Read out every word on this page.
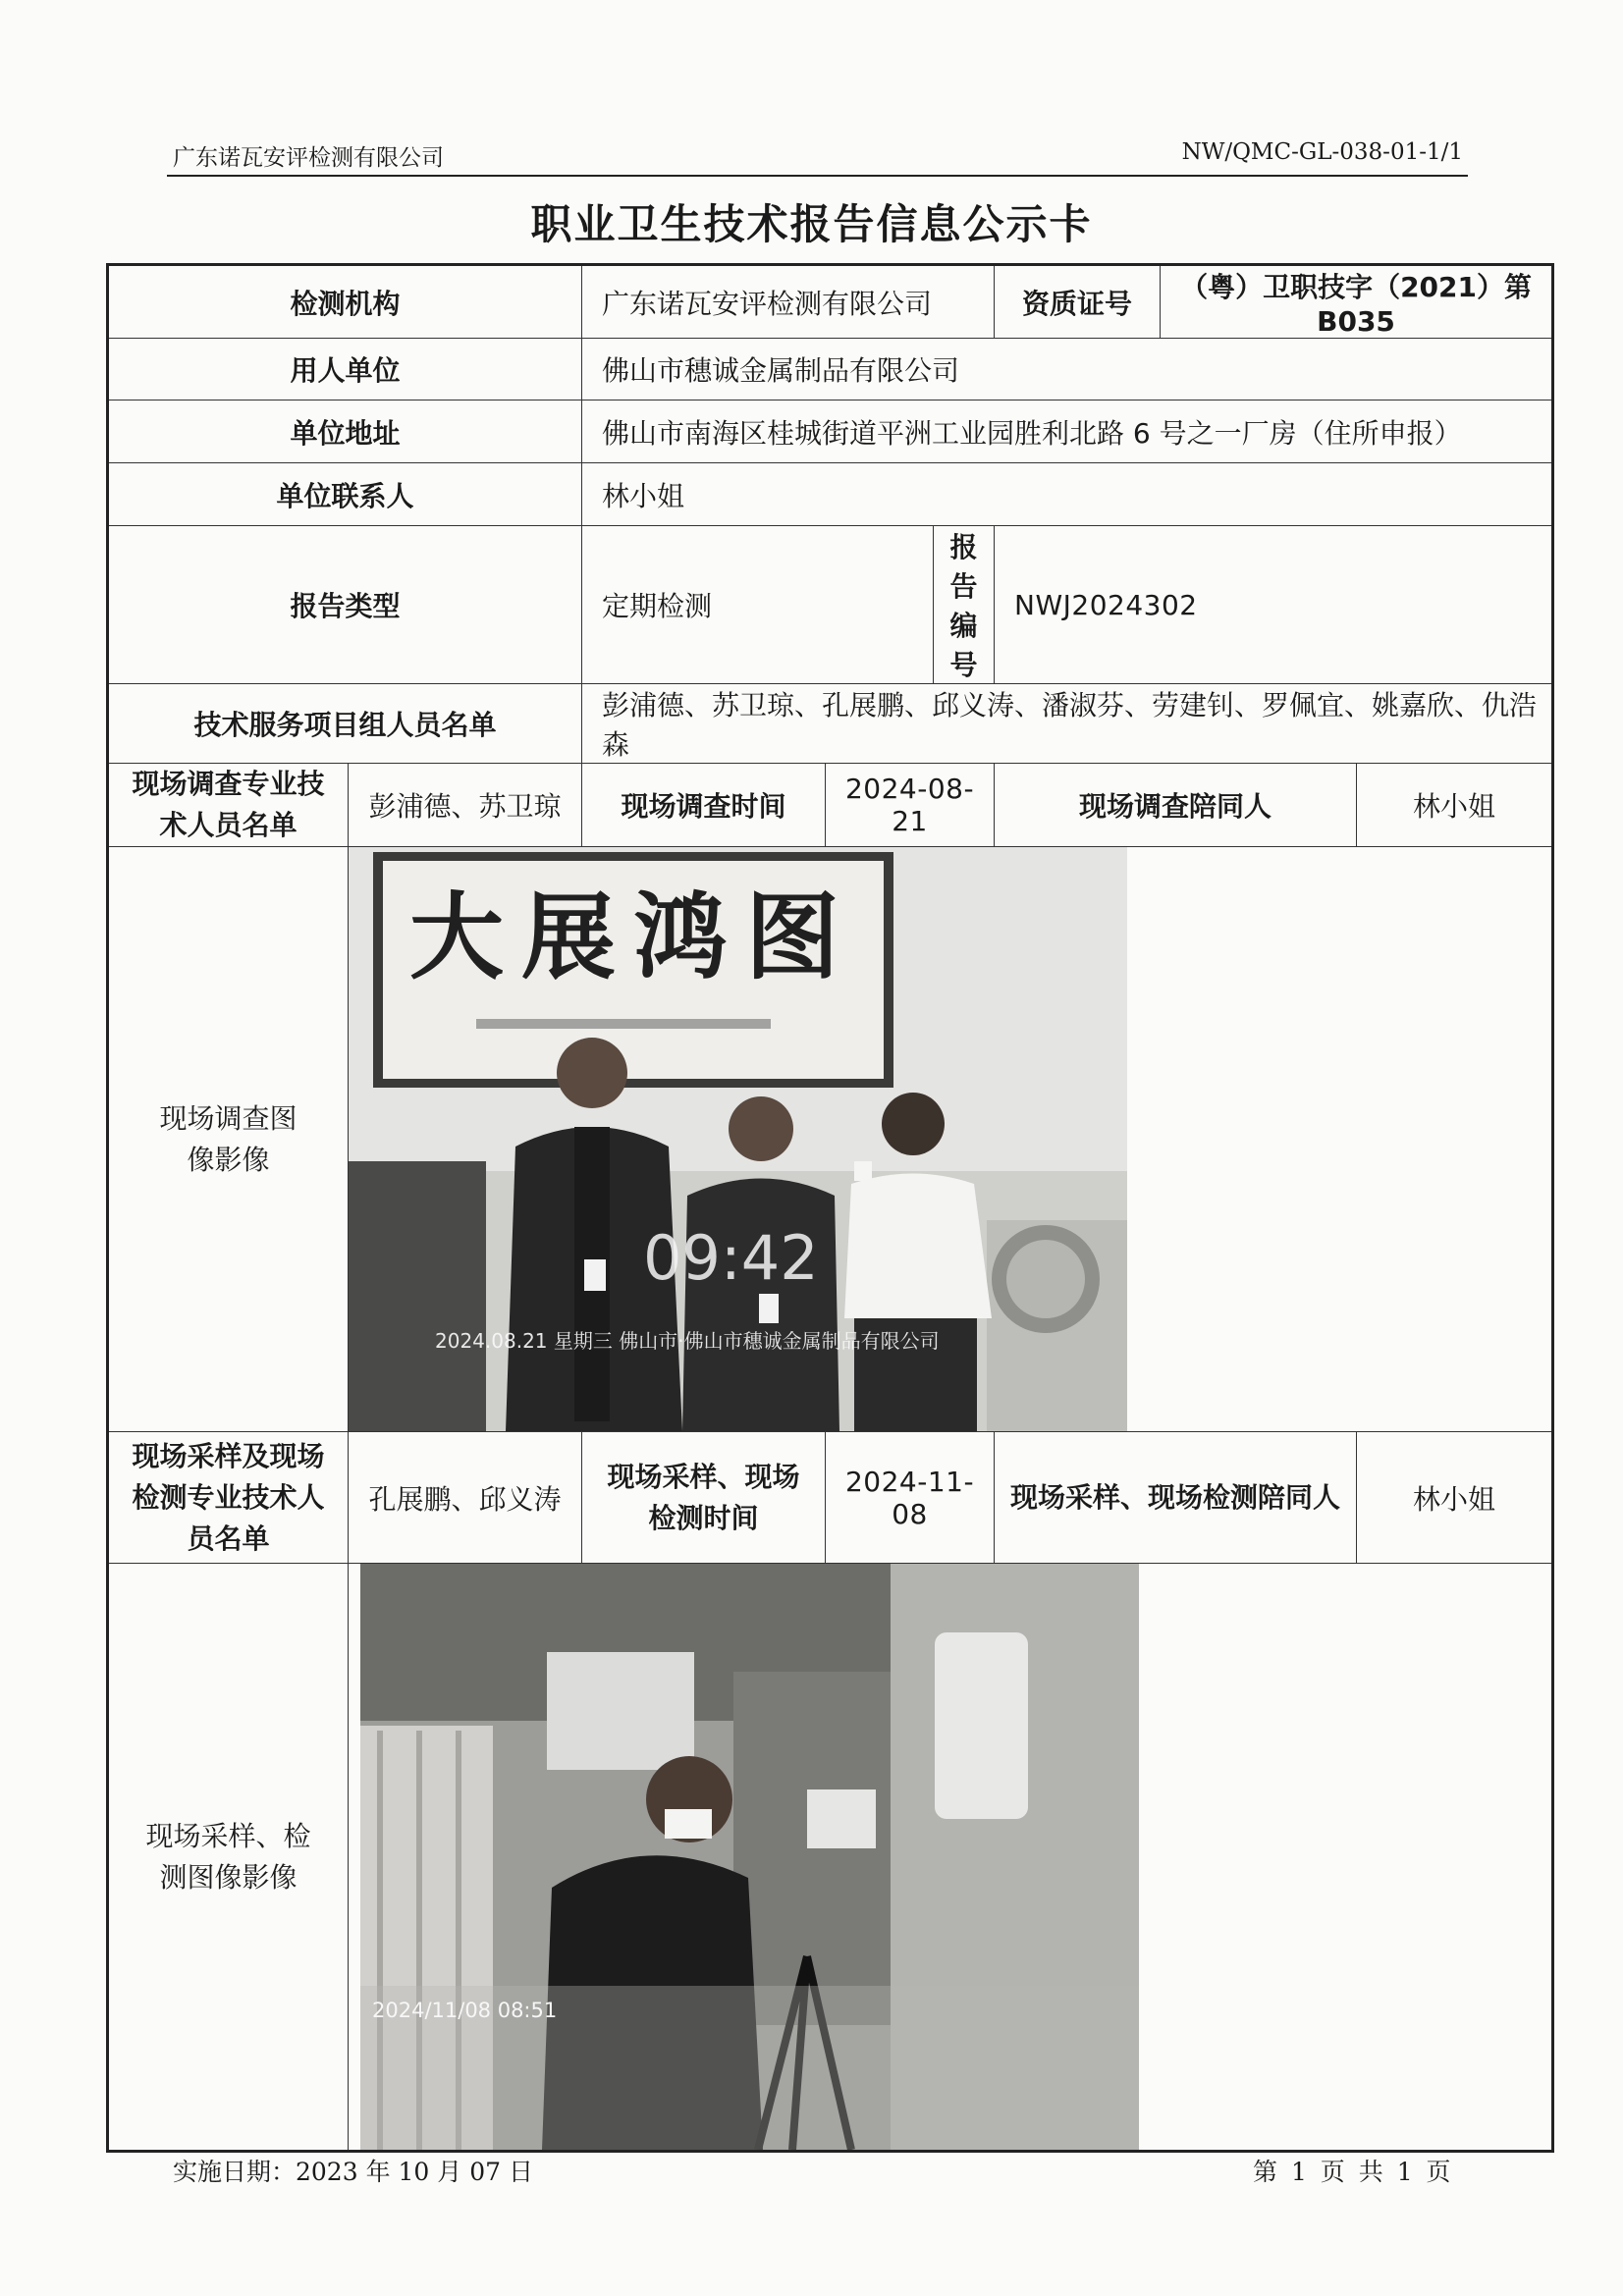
广东诺瓦安评检测有限公司	NW/QMC-GL-038-01-1/1
职业卫生技术报告信息公示卡
检测机构		广东诺瓦安评检测有限公司			资质证号	（粤）卫职技字（2021）第 B035	
用人单位		佛山市穗诚金属制品有限公司					
单位地址		佛山市南海区桂城街道平洲工业园胜利北路 6 号之一厂房（住所申报）					
单位联系人		林小姐					
报告类型		定期检测		报告编号	NWJ2024302		
技术服务项目组人员名单		彭浦德、苏卫琼、孔展鹏、邱义涛、潘淑芬、劳建钊、罗佩宜、姚嘉欣、仇浩森					
现场调查专业技术人员名单	彭浦德、苏卫琼	现场调查时间	2024-08-21		现场调查陪同人		林小姐
现场调查图像影像	大展鸿图
09:42
2024.08.21 星期三 佛山市·佛山市穗诚金属制品有限公司						

现场采样及现场检测专业技术人员名单	孔展鹏、邱义涛	现场采样、现场检测时间	2024-11-08		现场采样、现场检测陪同人		林小姐
现场采样、检测图像影像	2024/11/08 08:51						
实施日期：2023 年 10 月 07 日	第 1 页 共 1 页
